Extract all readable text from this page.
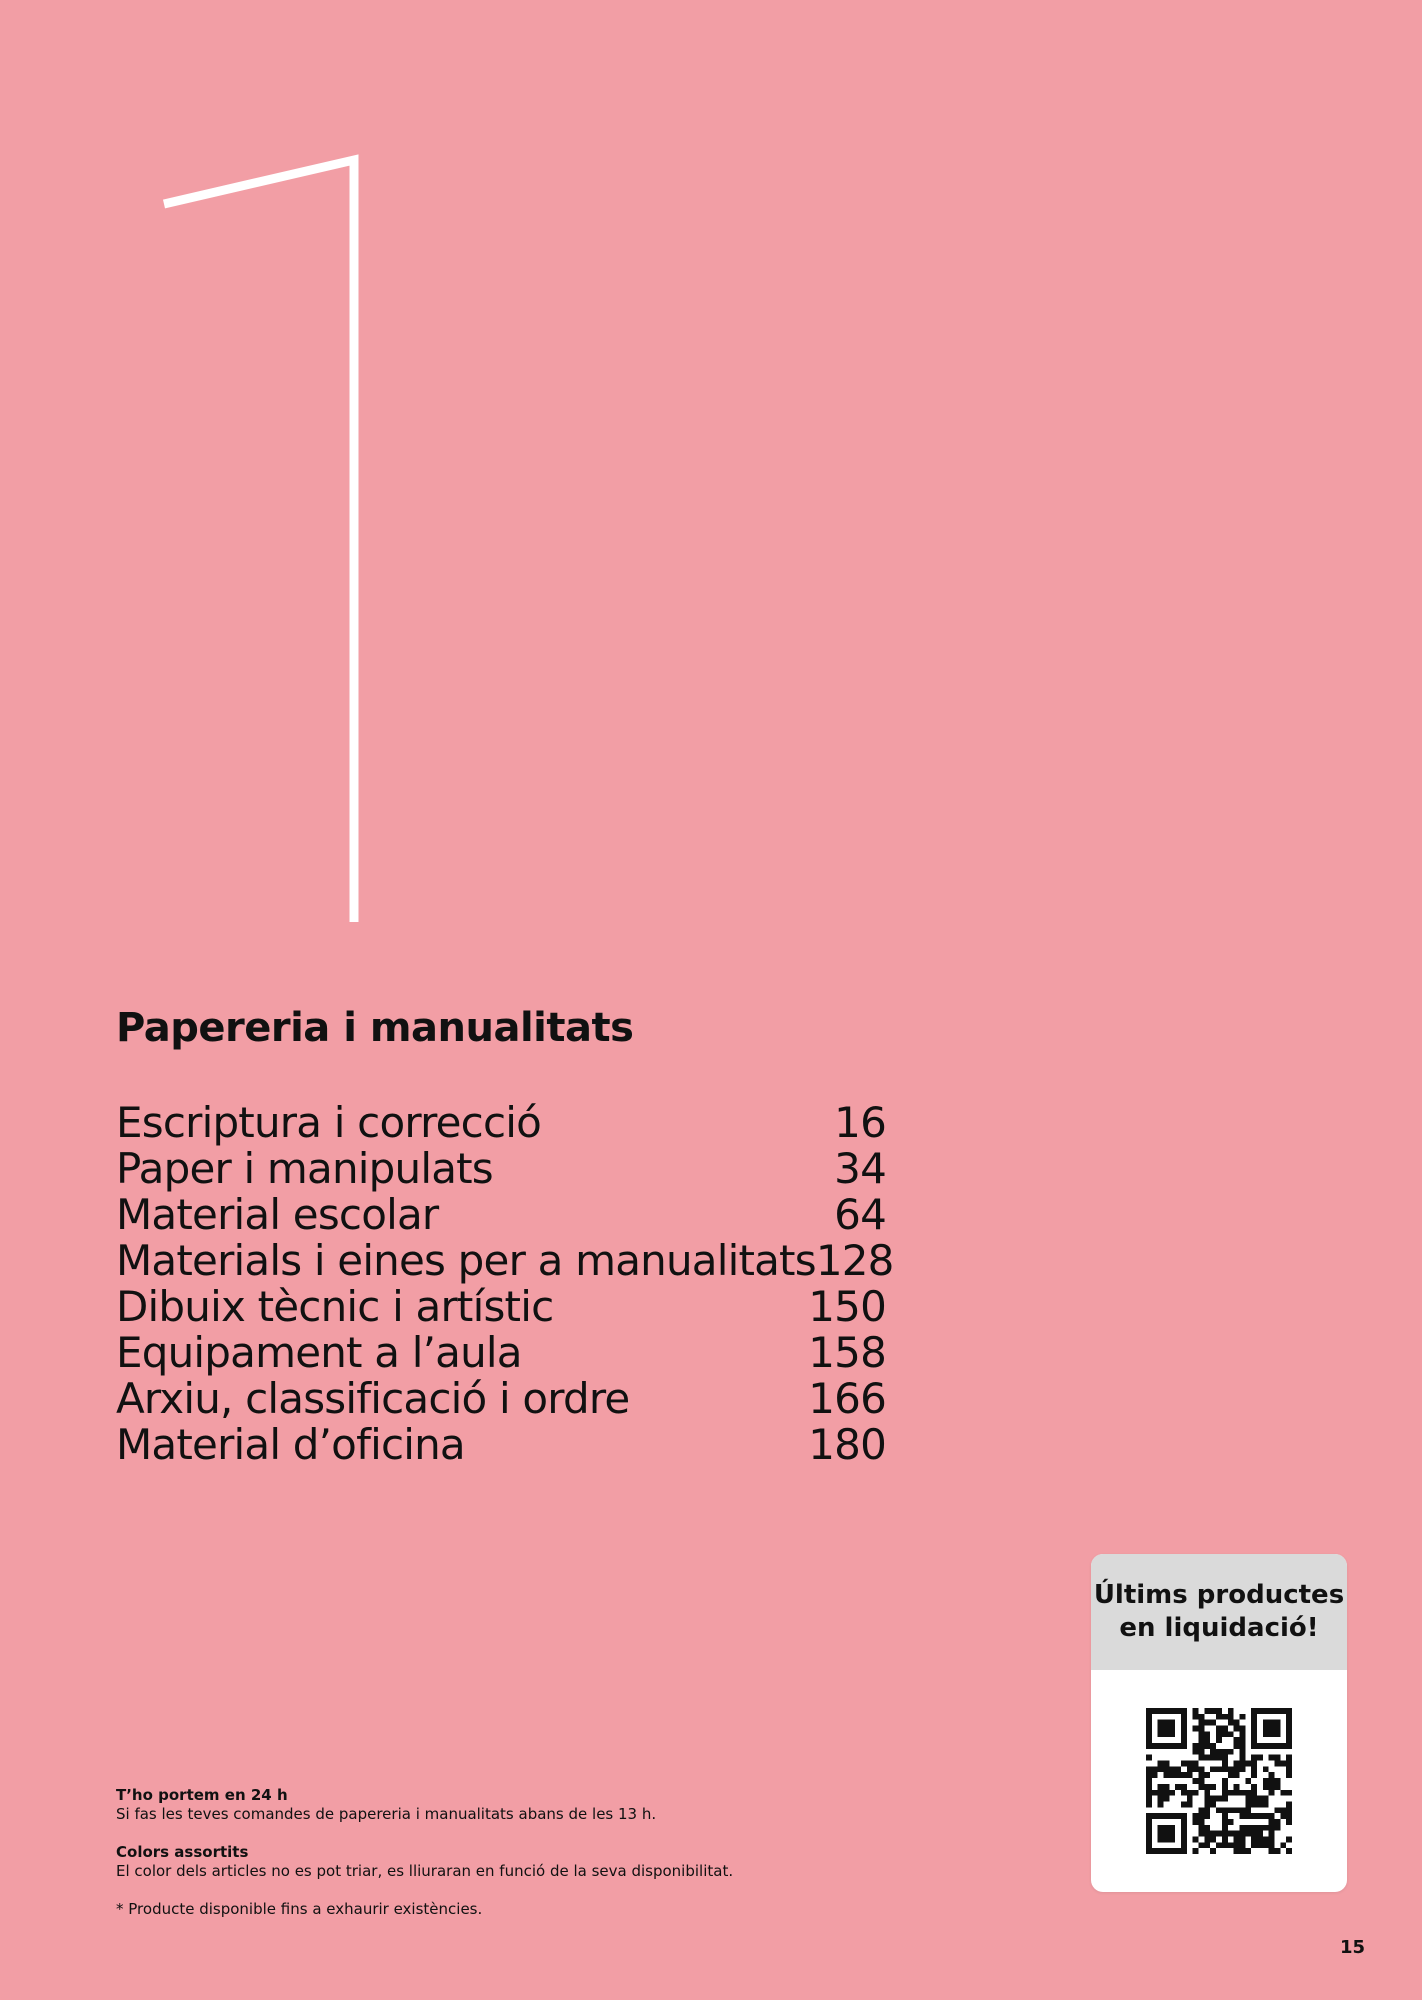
Papereria i manualitats
Escriptura i correcció	16
Paper i manipulats	34
Material escolar	64
Materials i eines per a manualitats 128
Dibuix tècnic i artístic	150
Equipament a l’aula	158
Arxiu, classificació i ordre	166
Material d’oficina	180
T’ho portem en 24 h
Si fas les teves comandes de papereria i manualitats abans de les 13 h.
Colors assortits
El color dels articles no es pot triar, es lliuraran en funció de la seva disponibilitat.
* Producte disponible fins a exhaurir existències.
Últims productes
en liquidació!
15
